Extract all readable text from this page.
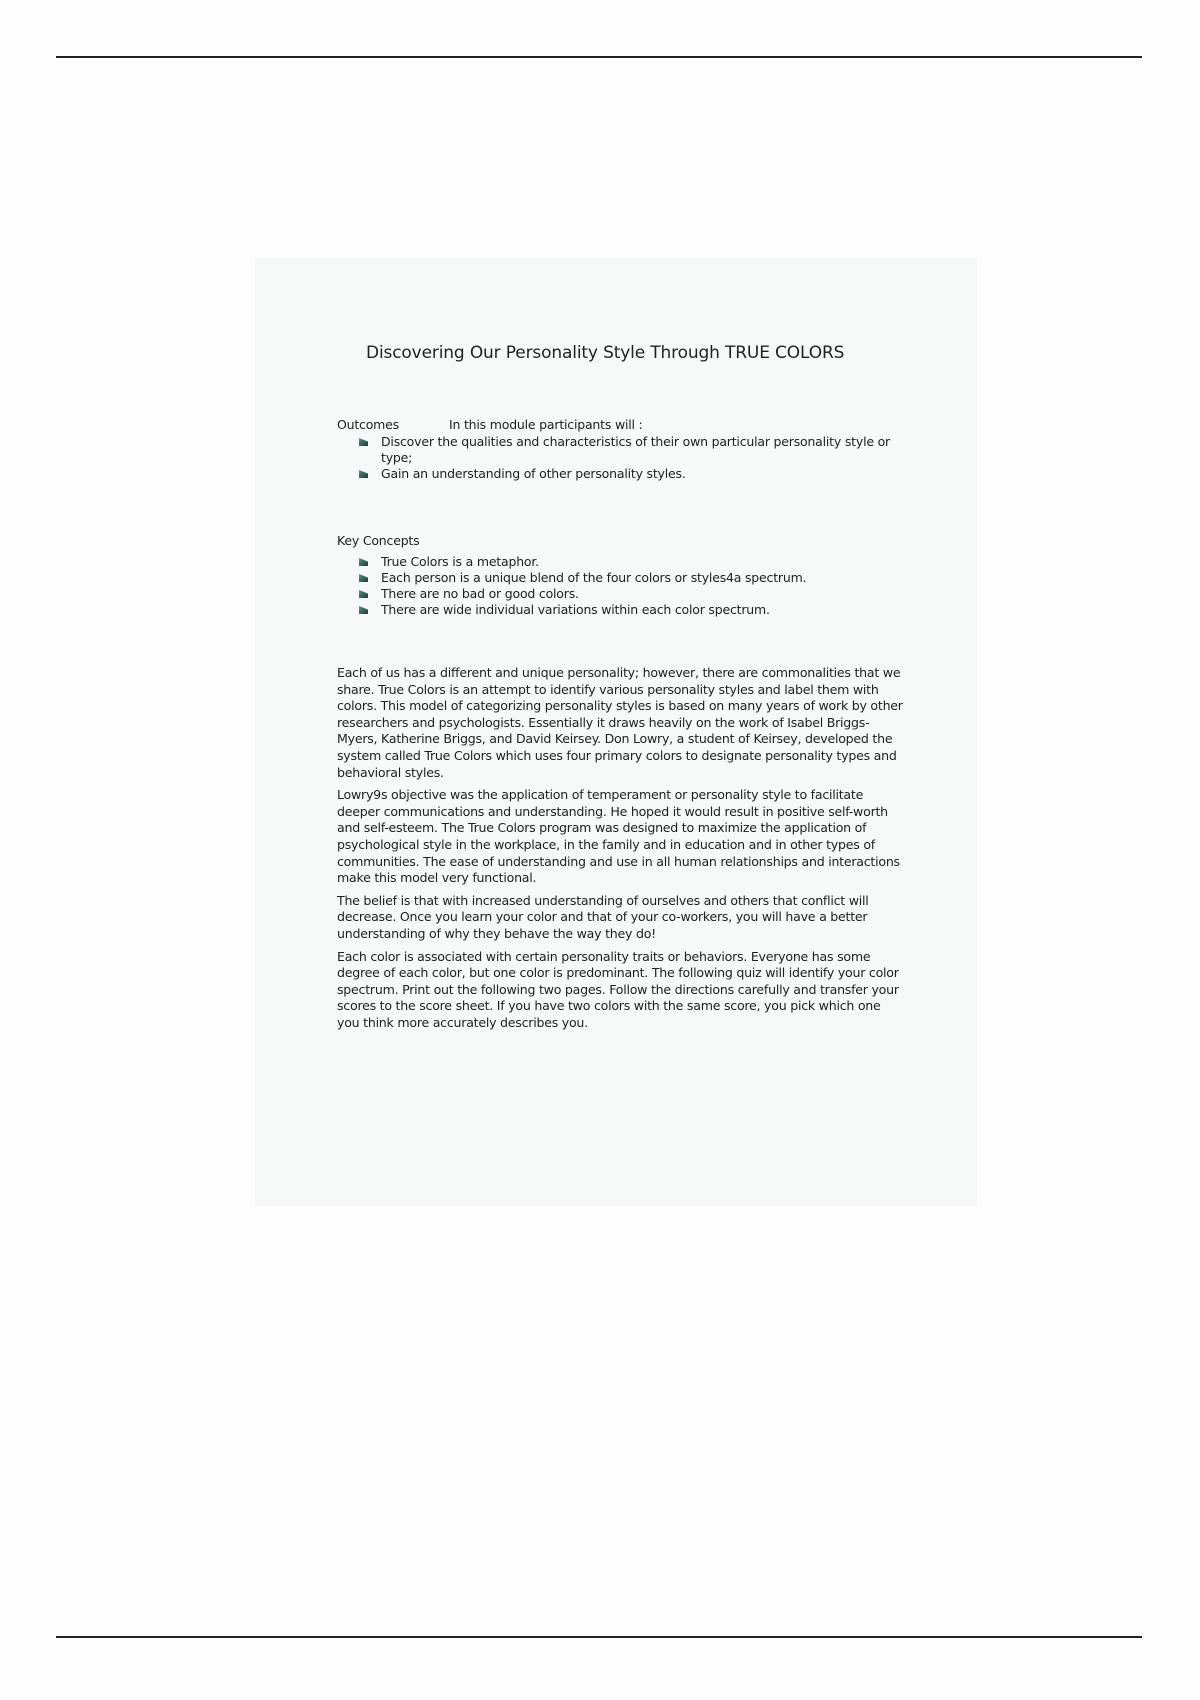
Discovering Our Personality Style Through TRUE COLORS
Outcomes	In this module participants will :
Discover the qualities and characteristics of their own particular personality style or type;
Gain an understanding of other personality styles.
Key Concepts
True Colors is a metaphor.
Each person is a unique blend of the four colors or styles4a spectrum.
There are no bad or good colors.
There are wide individual variations within each color spectrum.

Each of us has a different and unique personality; however, there are commonalities that we share. True Colors is an attempt to identify various personality styles and label them with colors. This model of categorizing personality styles is based on many years of work by other researchers and psychologists. Essentially it draws heavily on the work of Isabel Briggs-Myers, Katherine Briggs, and David Keirsey. Don Lowry, a student of Keirsey, developed the system called True Colors which uses four primary colors to designate personality types and behavioral styles.

Lowry9s objective was the application of temperament or personality style to facilitate deeper communications and understanding. He hoped it would result in positive self-worth and self-esteem. The True Colors program was designed to maximize the application of psychological style in the workplace, in the family and in education and in other types of communities. The ease of understanding and use in all human relationships and interactions make this model very functional.

The belief is that with increased understanding of ourselves and others that conflict will decrease. Once you learn your color and that of your co-workers, you will have a better understanding of why they behave the way they do!

Each color is associated with certain personality traits or behaviors. Everyone has some degree of each color, but one color is predominant. The following quiz will identify your color spectrum. Print out the following two pages. Follow the directions carefully and transfer your scores to the score sheet. If you have two colors with the same score, you pick which one you think more accurately describes you.
